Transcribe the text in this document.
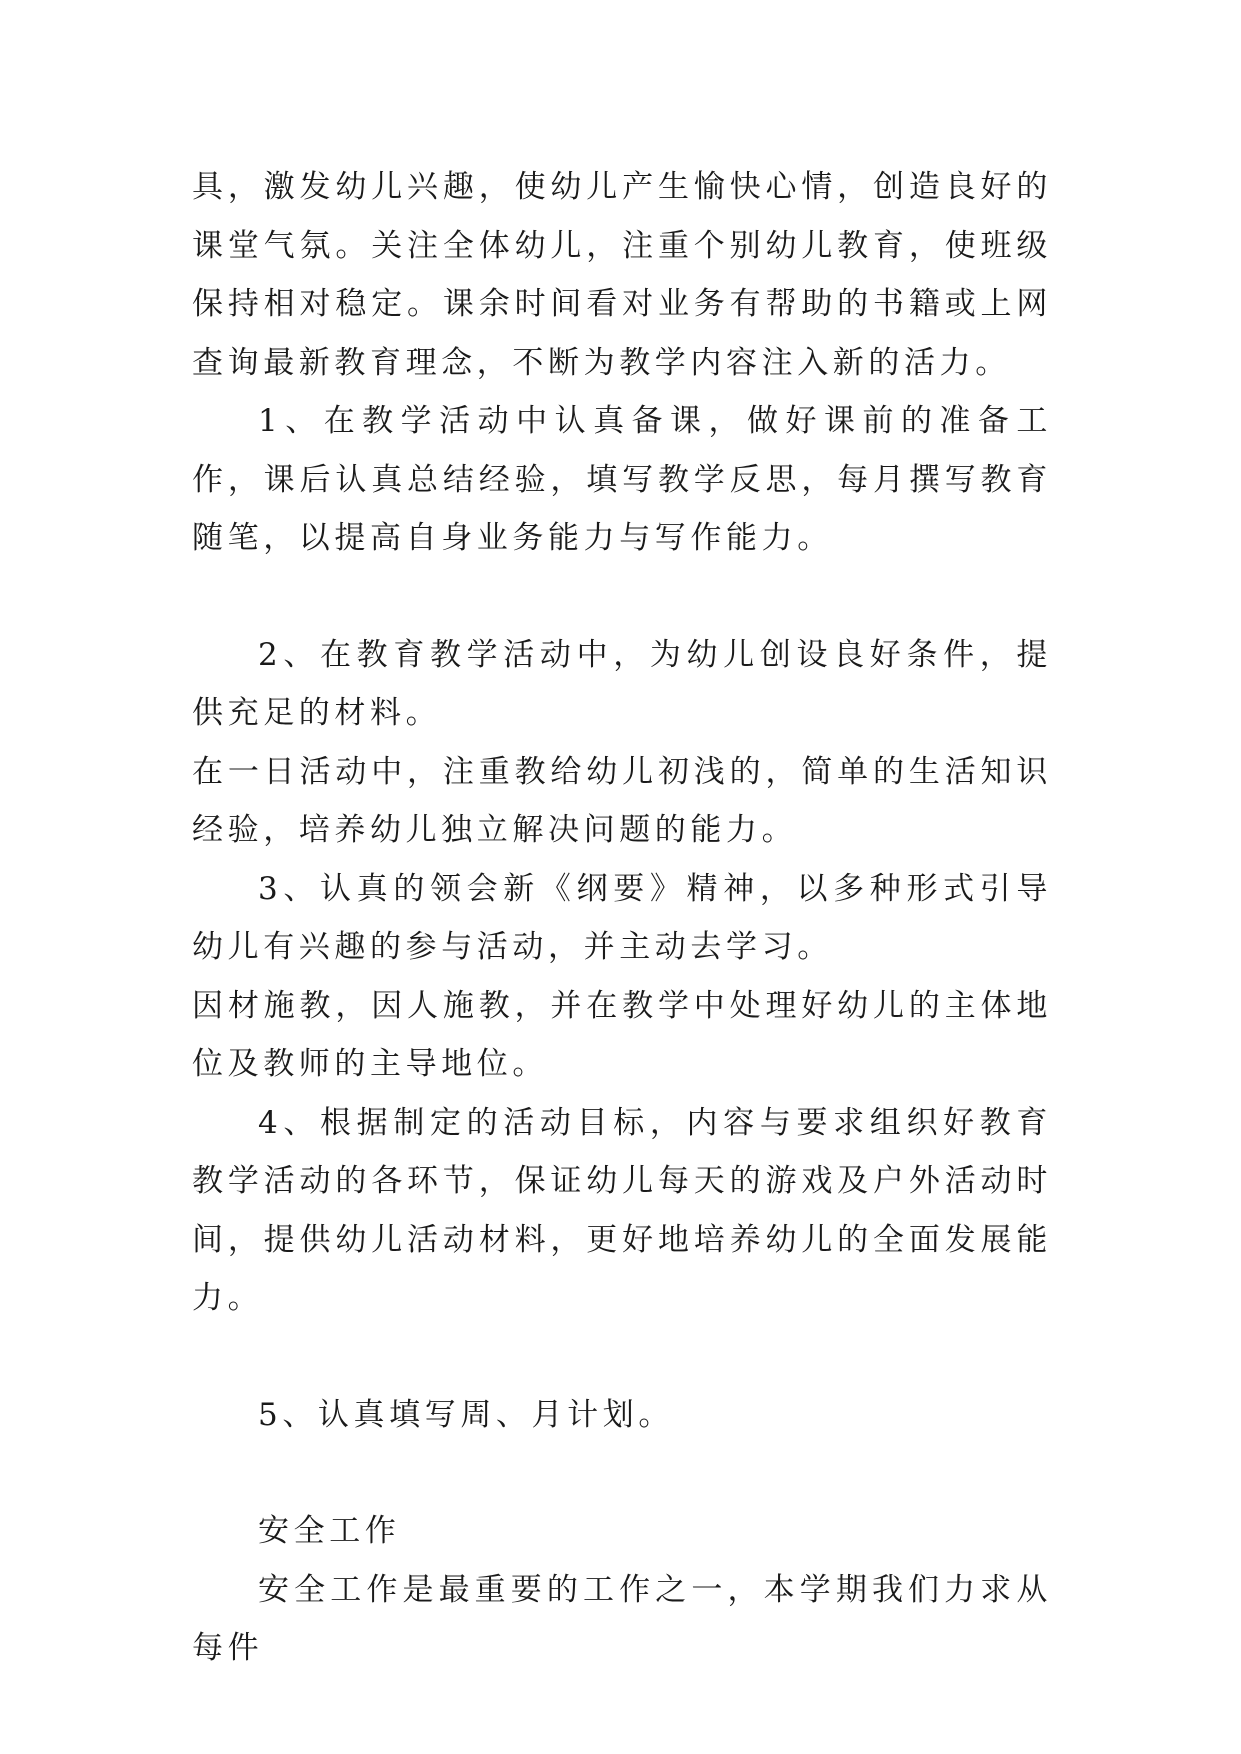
具，激发幼儿兴趣，使幼儿产生愉快心情，创造良好的课堂气氛。关注全体幼儿，注重个别幼儿教育，使班级保持相对稳定。课余时间看对业务有帮助的书籍或上网查询最新教育理念，不断为教学内容注入新的活力。

1、在教学活动中认真备课，做好课前的准备工作，课后认真总结经验，填写教学反思，每月撰写教育随笔，以提高自身业务能力与写作能力。

2、在教育教学活动中，为幼儿创设良好条件，提供充足的材料。

在一日活动中，注重教给幼儿初浅的，简单的生活知识经验，培养幼儿独立解决问题的能力。

3、认真的领会新《纲要》精神，以多种形式引导幼儿有兴趣的参与活动，并主动去学习。

因材施教，因人施教，并在教学中处理好幼儿的主体地位及教师的主导地位。

4、根据制定的活动目标，内容与要求组织好教育教学活动的各环节，保证幼儿每天的游戏及户外活动时间，提供幼儿活动材料，更好地培养幼儿的全面发展能力。

5、认真填写周、月计划。

安全工作

安全工作是最重要的工作之一，本学期我们力求从每件
